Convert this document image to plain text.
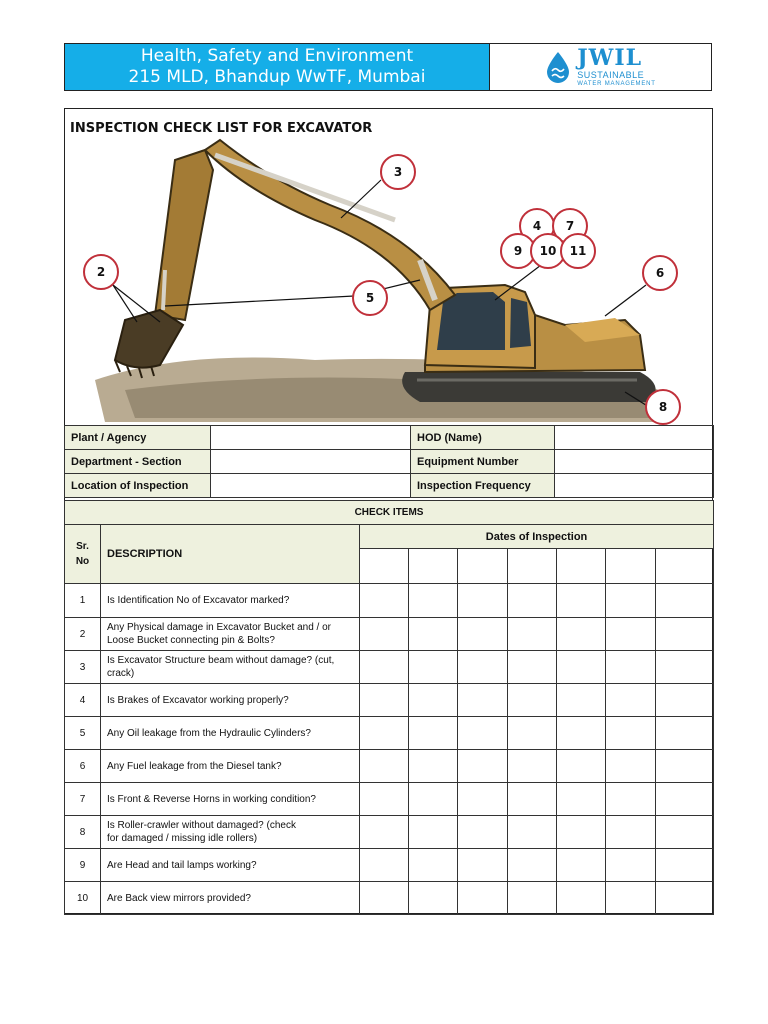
Health, Safety and Environment
215 MLD, Bhandup WwTF, Mumbai
JWIL
SUSTAINABLE
WATER MANAGEMENT
2
3
5
4 7
9 10 11
6
8
INSPECTION CHECK LIST FOR EXCAVATOR
Plant / Agency		HOD (Name)	
Department - Section		Equipment Number	
Location of Inspection		Inspection Frequency	
CHECK ITEMS								
Sr.
No	DESCRIPTION	Dates of Inspection						

1	Is Identification No of Excavator marked?							
2	Any Physical damage in Excavator Bucket and / or
Loose Bucket connecting pin & Bolts?							
3	Is Excavator Structure beam without damage? (cut,
crack)							
4	Is Brakes of Excavator working properly?							
5	Any Oil leakage from the Hydraulic Cylinders?							
6	Any Fuel leakage from the Diesel tank?							
7	Is Front & Reverse Horns in working condition?							
8	Is Roller-crawler without damaged? (check
for damaged / missing idle rollers)							
9	Are Head and tail lamps working?							
10	Are Back view mirrors provided?							
